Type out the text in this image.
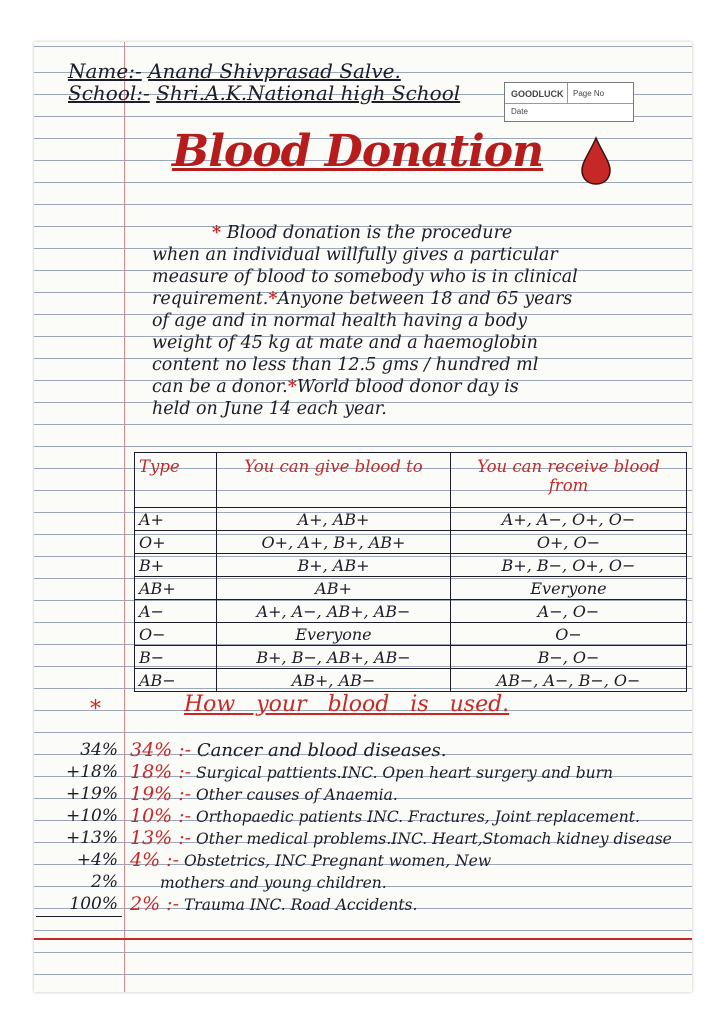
Name:- Anand Shivprasad Salve.
School:- Shri.A.K.National high School	GOODLUCK Page No
Date
Blood Donation
* Blood donation is the procedure
when an individual willfully gives a particular
measure of blood to somebody who is in clinical
requirement.*Anyone between 18 and 65 years
of age and in normal health having a body
weight of 45 kg at mate and a haemoglobin
content no less than 12.5 gms / hundred ml
can be a donor.*World blood donor day is
held on June 14 each year.
Type	You can give blood to	You can receive blood from
A+	A+, AB+	A+, A−, O+, O−
O+	O+, A+, B+, AB+	O+, O−
B+	B+, AB+	B+, B−, O+, O−
AB+	AB+	Everyone
A−	A+, A−, AB+, AB−	A−, O−
O−	Everyone	O−
B−	B+, B−, AB+, AB−	B−, O−
AB−	AB+, AB−	AB−, A−, B−, O−
*	How your blood is used.
34%
+18%
+19%
+10%
+13%
+4%
2%
100%
34% :- Cancer and blood diseases.
18% :- Surgical pattients.INC. Open heart surgery and burn
19% :- Other causes of Anaemia.
10% :- Orthopaedic patients INC. Fractures, Joint replacement.
13% :- Other medical problems.INC. Heart,Stomach kidney disease
4% :- Obstetrics, INC Pregnant women, New
mothers and young children.
2% :- Trauma INC. Road Accidents.
